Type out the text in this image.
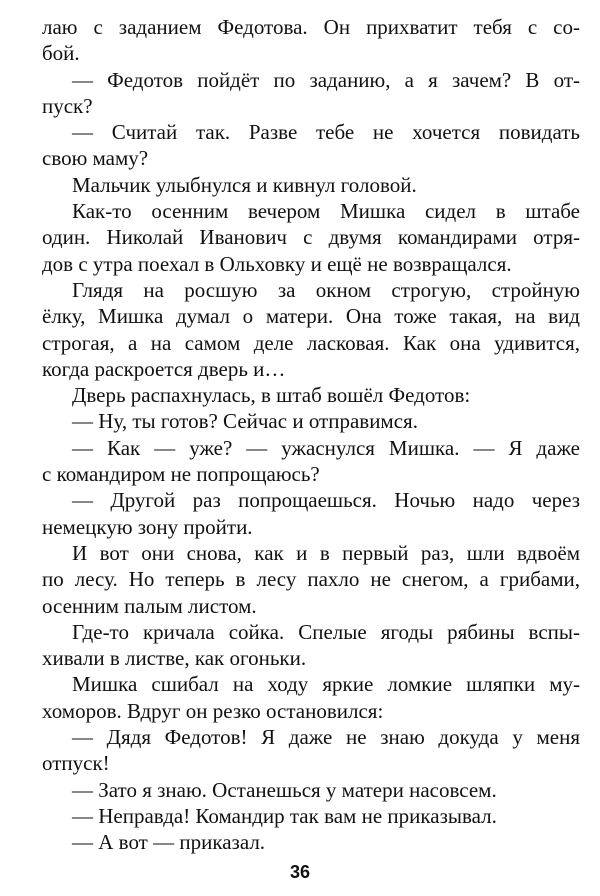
лаю с заданием Федотова. Он прихватит тебя с со-
бой.
— Федотов пойдёт по заданию, а я зачем? В от-
пуск?
— Считай так. Разве тебе не хочется повидать
свою маму?
Мальчик улыбнулся и кивнул головой.
Как-то осенним вечером Мишка сидел в штабе
один. Николай Иванович с двумя командирами отря-
дов с утра поехал в Ольховку и ещё не возвращался.
Глядя на росшую за окном строгую, стройную
ёлку, Мишка думал о матери. Она тоже такая, на вид
строгая, а на самом деле ласковая. Как она удивится,
когда раскроется дверь и…
Дверь распахнулась, в штаб вошёл Федотов:
— Ну, ты готов? Сейчас и отправимся.
— Как — уже? — ужаснулся Мишка. — Я даже
с командиром не попрощаюсь?
— Другой раз попрощаешься. Ночью надо через
немецкую зону пройти.
И вот они снова, как и в первый раз, шли вдвоём
по лесу. Но теперь в лесу пахло не снегом, а грибами,
осенним палым листом.
Где-то кричала сойка. Спелые ягоды рябины вспы-
хивали в листве, как огоньки.
Мишка сшибал на ходу яркие ломкие шляпки му-
хоморов. Вдруг он резко остановился:
— Дядя Федотов! Я даже не знаю докуда у меня
отпуск!
— Зато я знаю. Останешься у матери насовсем.
— Неправда! Командир так вам не приказывал.
— А вот — приказал.
36
